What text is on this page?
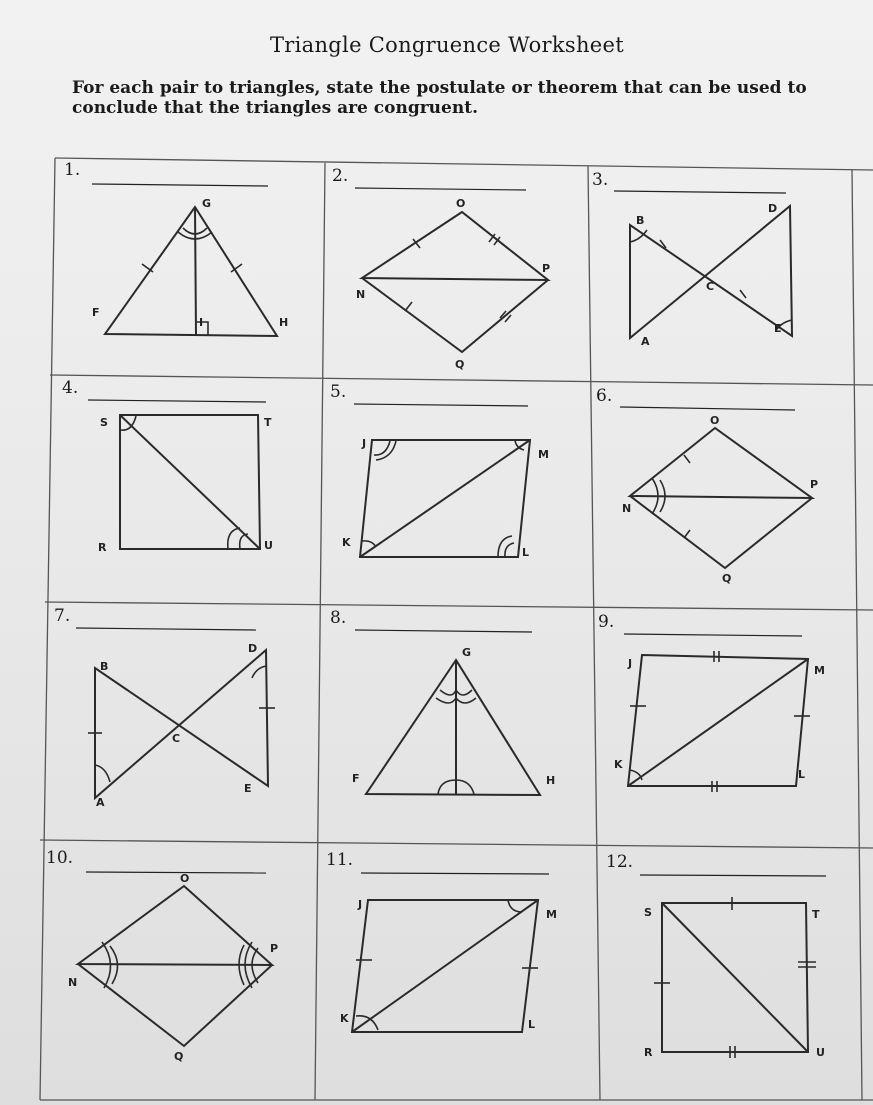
Triangle Congruence Worksheet
For each pair to triangles, state the postulate or theorem that can be used to conclude that the triangles are congruent.
G
F
I	H
O
N
P
Q
B
D
C
E
A
S	T
R	U
J
M
K
L
O
N
P
Q
B
D
C
E
A
G
F	H
J
M
K
L
O
N
P
Q
J
M
K	L
S	T
R	U
1.	2.	3.
4.	5.	6.
7.	8.	9.
10.	11.	12.
